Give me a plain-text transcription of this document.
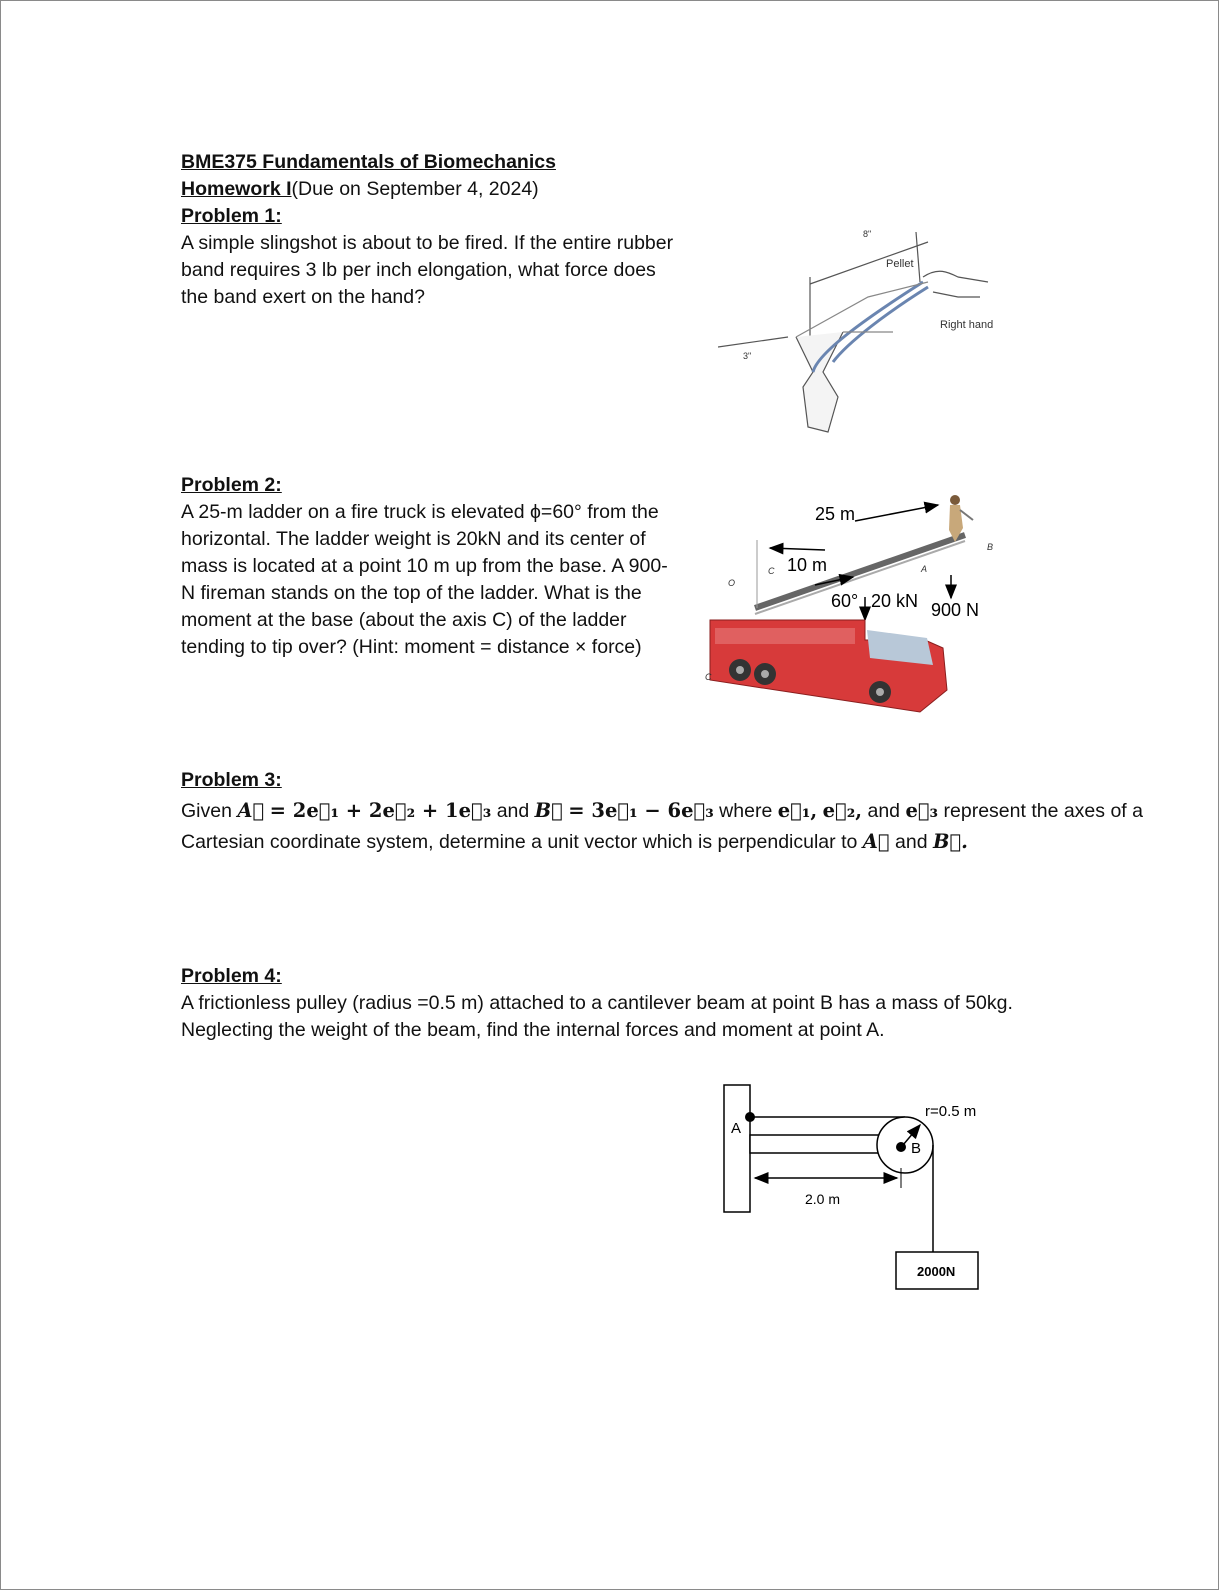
BME375 Fundamentals of Biomechanics
Homework I(Due on September 4, 2024)
Problem 1:
A simple slingshot is about to be fired. If the entire rubber
band requires 3 lb per inch elongation, what force does
the band exert on the hand?
Pellet
Right hand
8"
3"
Problem 2:
A 25-m ladder on a fire truck is elevated ϕ=60° from the
horizontal. The ladder weight is 20kN and its center of
mass is located at a point 10 m up from the base. A 900-
N fireman stands on the top of the ladder. What is the
moment at the base (about the axis C) of the ladder
tending to tip over? (Hint: moment = distance × force)
25 m
10 m
60° 20 kN 900 N
C
C
A
B
O
Problem 3:
Given A⃗ = 2e⃗₁ + 2e⃗₂ + 1e⃗₃ and B⃗ = 3e⃗₁ − 6e⃗₃ where e⃗₁, e⃗₂, and e⃗₃ represent the axes of a
Cartesian coordinate system, determine a unit vector which is perpendicular to A⃗ and B⃗.
Problem 4:
A frictionless pulley (radius =0.5 m) attached to a cantilever beam at point B has a mass of 50kg.
Neglecting the weight of the beam, find the internal forces and moment at point A.
A
B
r=0.5 m
2.0 m
2000N
